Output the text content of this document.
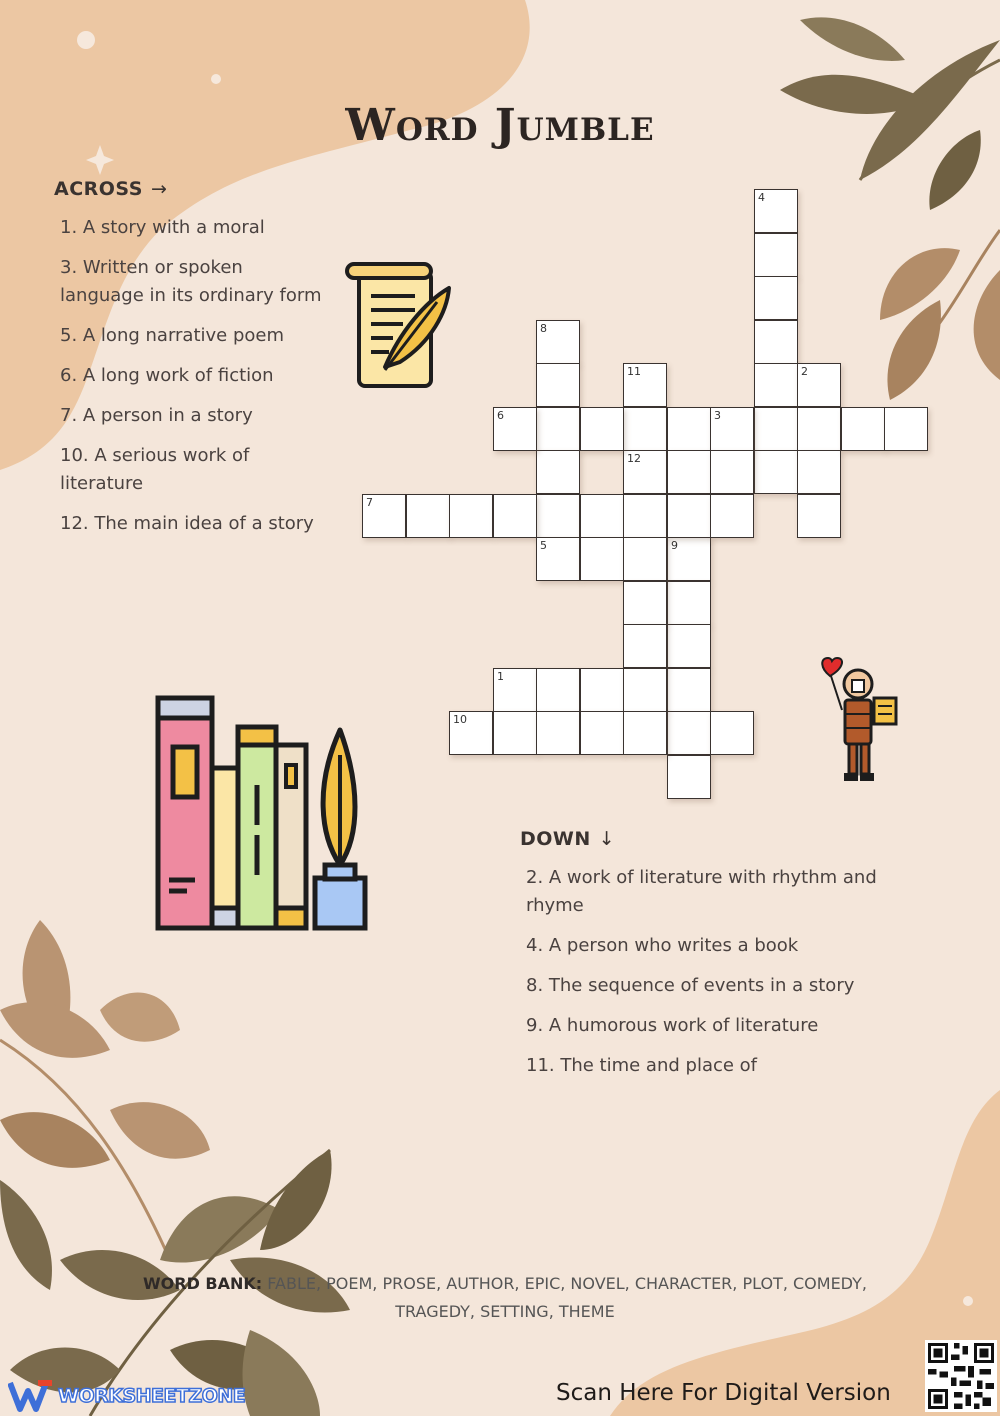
Word Jumble
ACROSS →
1. A story with a moral
3. Written or spoken language in its ordinary form
5. A long narrative poem
6. A long work of fiction
7. A person in a story
10. A serious work of literature
12. The main idea of a story
DOWN ↓
2. A work of literature with rhythm and rhyme
4. A person who writes a book
8. The sequence of events in a story
9. A humorous work of literature
11. The time and place of
4
8
11
12
2
9
6	3
7
5
1
10
WORD BANK: FABLE, POEM, PROSE, AUTHOR, EPIC, NOVEL, CHARACTER, PLOT, COMEDY, TRAGEDY, SETTING, THEME
WORKSHEETZONE	Scan Here For Digital Version
